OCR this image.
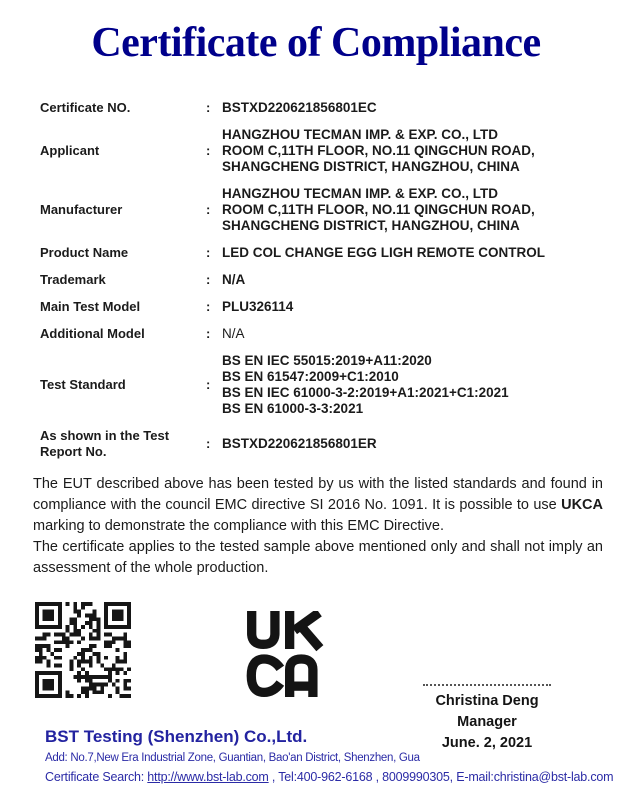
Certificate of Compliance
Certificate NO.	: BSTXD220621856801EC
Applicant	:
HANGZHOU TECMAN IMP. & EXP. CO., LTD
ROOM C,11TH FLOOR, NO.11 QINGCHUN ROAD,
SHANGCHENG DISTRICT, HANGZHOU, CHINA
Manufacturer	:
HANGZHOU TECMAN IMP. & EXP. CO., LTD
ROOM C,11TH FLOOR, NO.11 QINGCHUN ROAD,
SHANGCHENG DISTRICT, HANGZHOU, CHINA
Product Name	: LED COL CHANGE EGG LIGH REMOTE CONTROL
Trademark	: N/A
Main Test Model	: PLU326114
Additional Model	: N/A
Test Standard	:
BS EN IEC 55015:2019+A11:2020
BS EN 61547:2009+C1:2010
BS EN IEC 61000-3-2:2019+A1:2021+C1:2021
BS EN 61000-3-3:2021
As shown in the Test Report No.
: BSTXD220621856801ER

The EUT described above has been tested by us with the listed standards and found in compliance with the council EMC directive SI 2016 No. 1091. It is possible to use UKCA marking to demonstrate the compliance with this EMC Directive.

The certificate applies to the tested sample above mentioned only and shall not imply an assessment of the whole production.

Christina Deng
Manager
June. 2, 2021
BST Testing (Shenzhen) Co.,Ltd.
Add: No.7,New Era Industrial Zone, Guantian, Bao'an District, Shenzhen, Gua
Certificate Search: http://www.bst-lab.com , Tel:400-962-6168 , 8009990305, E-mail:christina@bst-lab.com
